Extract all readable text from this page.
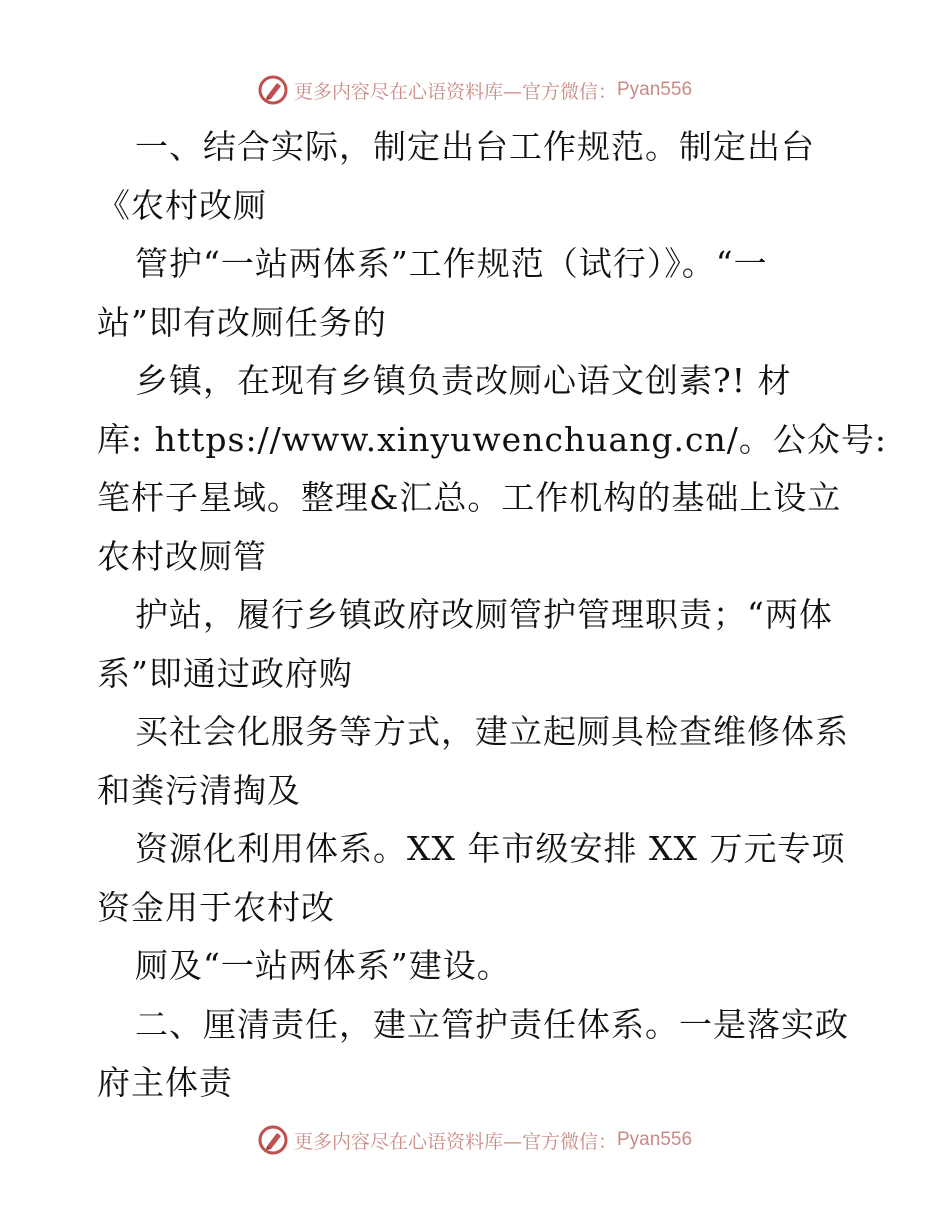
更多内容尽在心语资料库—官方微信： Pyan556
一、结合实际，制定出台工作规范。制定出台
《农村改厕
管护“一站两体系”工作规范（试行）》。“一
站”即有改厕任务的
乡镇，在现有乡镇负责改厕心语文创素?! 材
库: https://www.xinyuwenchuang.cn/。公众号:
笔杆子星域。整理&汇总。工作机构的基础上设立
农村改厕管
护站，履行乡镇政府改厕管护管理职责；“两体
系”即通过政府购
买社会化服务等方式，建立起厕具检查维修体系
和粪污清掏及
资源化利用体系。XX 年市级安排 XX 万元专项
资金用于农村改
厕及“一站两体系”建设。
二、厘清责任，建立管护责任体系。一是落实政
府主体责
更多内容尽在心语资料库—官方微信： Pyan556
